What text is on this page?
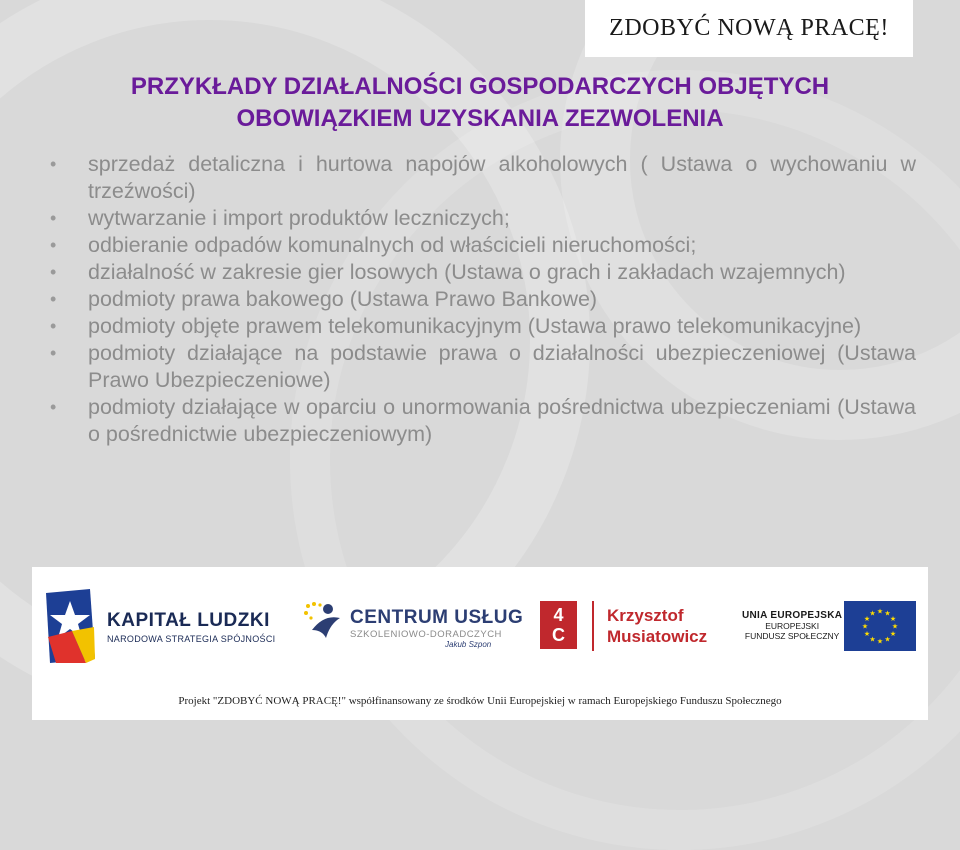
ZDOBYĆ NOWĄ PRACĘ!
PRZYKŁADY DZIAŁALNOŚCI GOSPODARCZYCH OBJĘTYCH
OBOWIĄZKIEM UZYSKANIA ZEZWOLENIA
• sprzedaż detaliczna i hurtowa napojów alkoholowych ( Ustawa o wychowaniu w trzeźwości)
• wytwarzanie i import produktów leczniczych;
• odbieranie odpadów komunalnych od właścicieli nieruchomości;
• działalność w zakresie gier losowych (Ustawa o grach i zakładach wzajemnych)
• podmioty prawa bakowego (Ustawa Prawo Bankowe)
• podmioty objęte prawem telekomunikacyjnym (Ustawa prawo telekomunikacyjne)
• podmioty działające na podstawie prawa o działalności ubezpieczeniowej (Ustawa Prawo Ubezpieczeniowe)
• podmioty działające w oparciu o unormowania pośrednictwa ubezpieczeniami (Ustawa o pośrednictwie ubezpieczeniowym)
KAPITAŁ LUDZKI
NARODOWA STRATEGIA SPÓJNOŚCI
CENTRUM USŁUG
SZKOLENIOWO-DORADCZYCH
Jakub Szpon
4
C
Krzysztof
Musiatowicz
UNIA EUROPEJSKA
EUROPEJSKI
FUNDUSZ SPOŁECZNY
★
★
★
★
★
★
★
★
★ ★ ★
★
Projekt "ZDOBYĆ NOWĄ PRACĘ!" współfinansowany ze środków Unii Europejskiej w ramach Europejskiego Funduszu Społecznego
